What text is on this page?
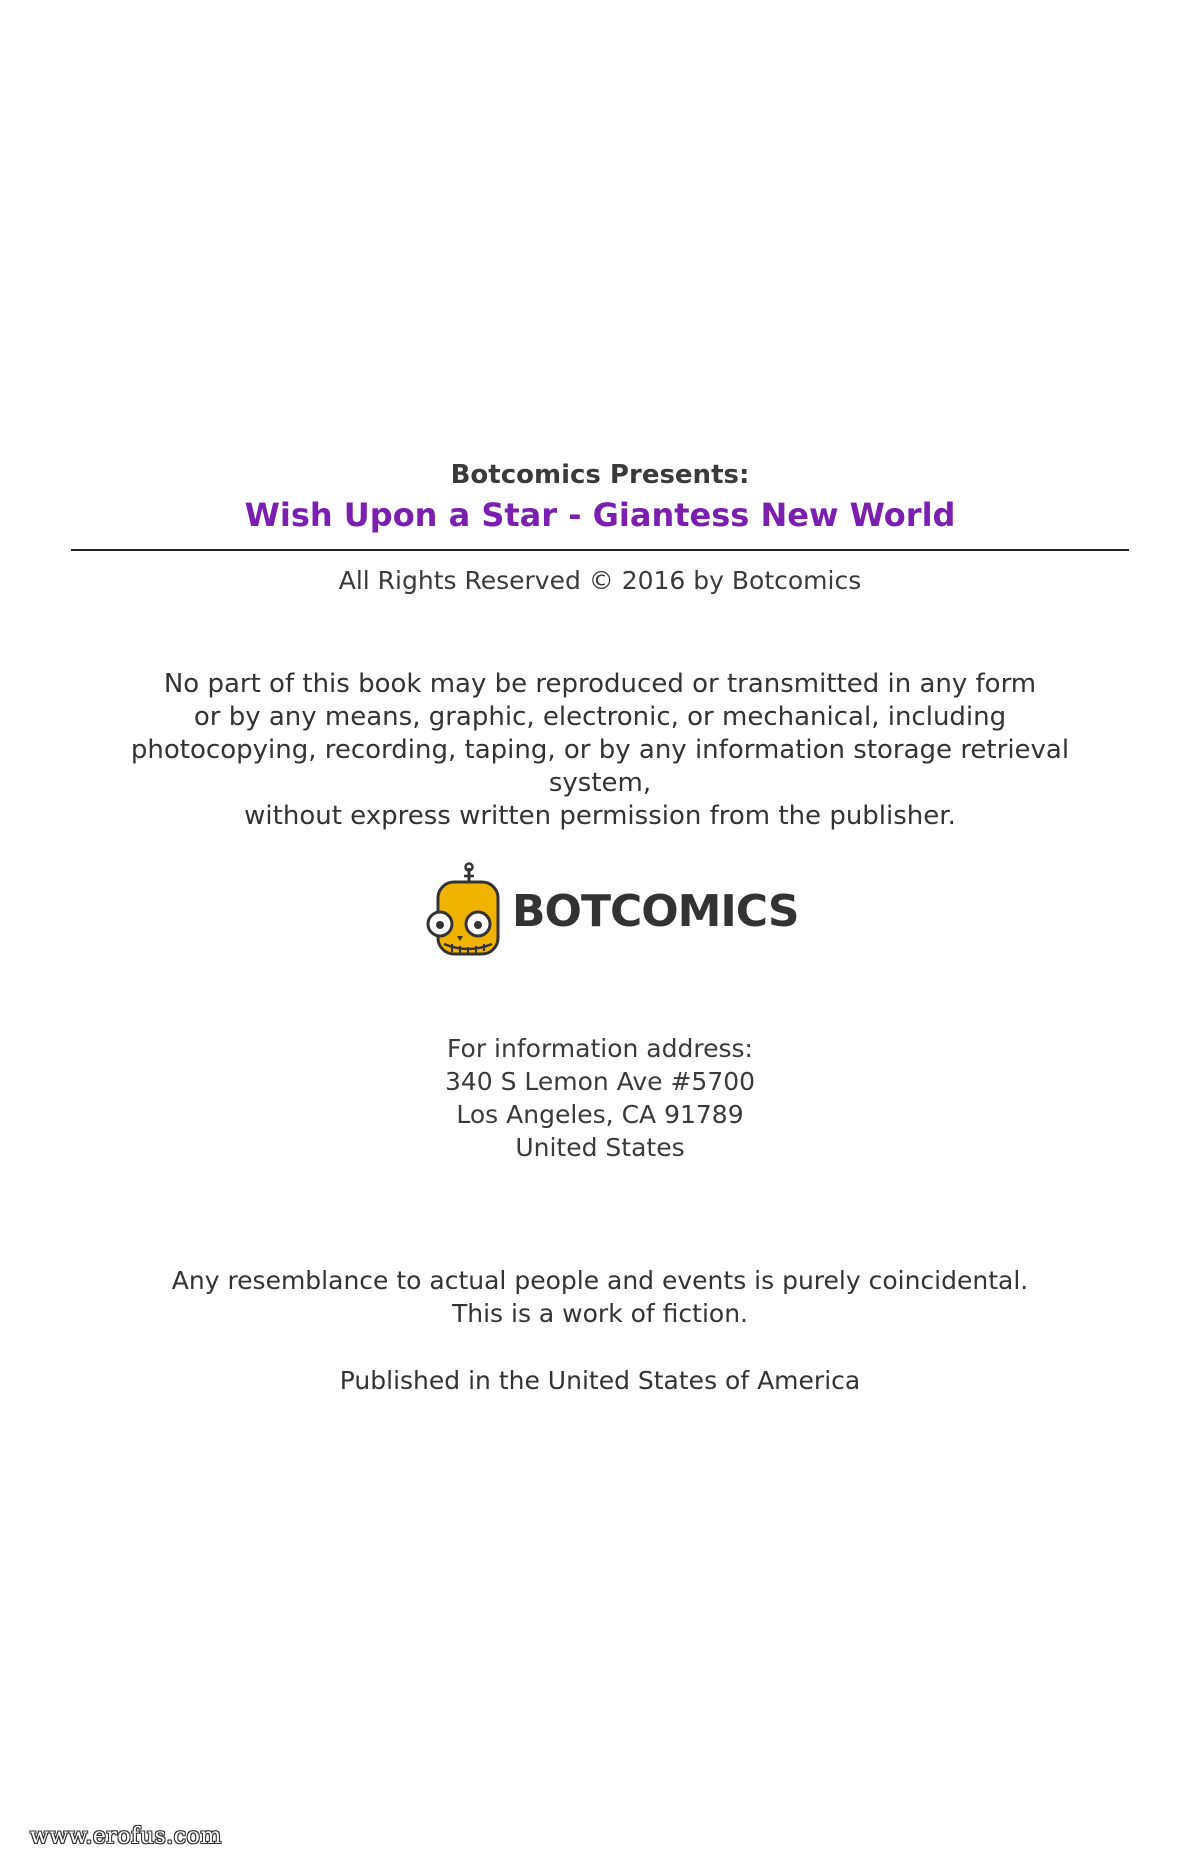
Botcomics Presents:
Wish Upon a Star - Giantess New World
All Rights Reserved © 2016 by Botcomics
No part of this book may be reproduced or transmitted in any form
or by any means, graphic, electronic, or mechanical, including
photocopying, recording, taping, or by any information storage retrieval
system,
without express written permission from the publisher.
BOTCOMICS
For information address:
340 S Lemon Ave #5700
Los Angeles, CA 91789
United States
Any resemblance to actual people and events is purely coincidental.
This is a work of fiction.
Published in the United States of America
www.erofus.com
